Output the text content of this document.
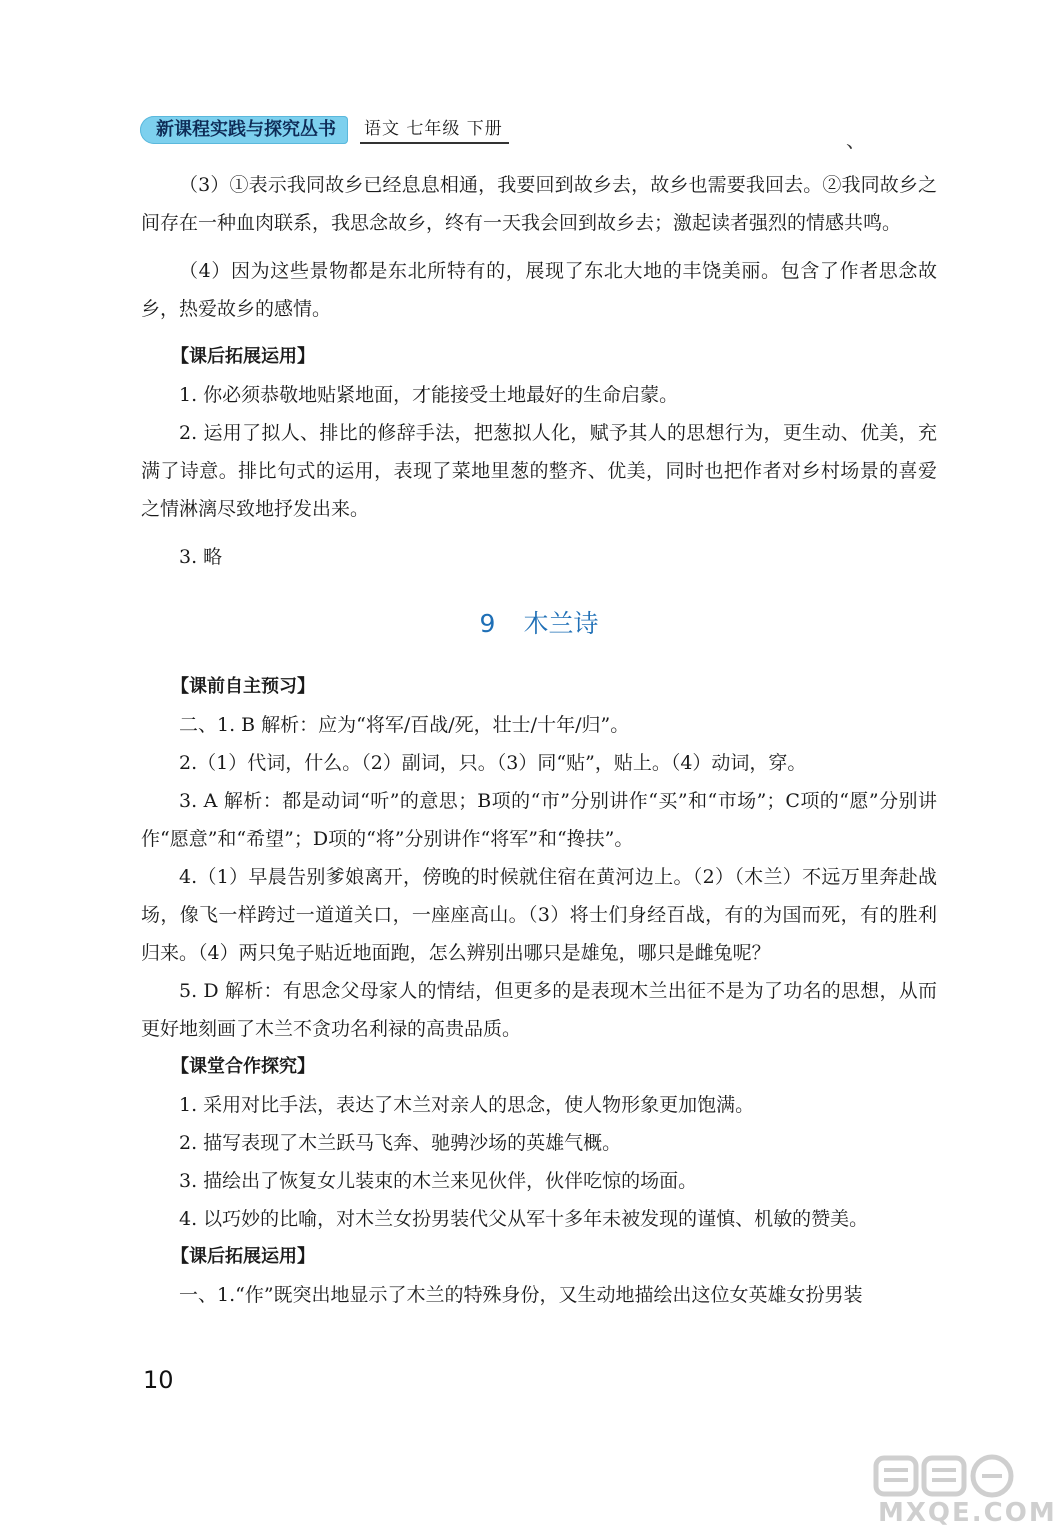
新课程实践与探究丛书	语文 七年级 下册	、

（3）①表示我同故乡已经息息相通，我要回到故乡去，故乡也需要我回去。②我同故乡之间存在一种血肉联系，我思念故乡，终有一天我会回到故乡去；激起读者强烈的情感共鸣。

（4）因为这些景物都是东北所特有的，展现了东北大地的丰饶美丽。包含了作者思念故乡，热爱故乡的感情。

【课后拓展运用】

1. 你必须恭敬地贴紧地面，才能接受土地最好的生命启蒙。

2. 运用了拟人、排比的修辞手法，把葱拟人化，赋予其人的思想行为，更生动、优美，充满了诗意。排比句式的运用，表现了菜地里葱的整齐、优美，同时也把作者对乡村场景的喜爱之情淋漓尽致地抒发出来。

3. 略

9 木兰诗

【课前自主预习】

二、1. B 解析：应为“将军/百战/死，壮士/十年/归”。

2.（1）代词，什么。（2）副词，只。（3）同“贴”，贴上。（4）动词，穿。

3. A 解析：都是动词“听”的意思；B项的“市”分别讲作“买”和“市场”；C项的“愿”分别讲作“愿意”和“希望”；D项的“将”分别讲作“将军”和“搀扶”。

4.（1）早晨告别爹娘离开，傍晚的时候就住宿在黄河边上。（2）（木兰）不远万里奔赴战场，像飞一样跨过一道道关口，一座座高山。（3）将士们身经百战，有的为国而死，有的胜利归来。（4）两只兔子贴近地面跑，怎么辨别出哪只是雄兔，哪只是雌兔呢？

5. D 解析：有思念父母家人的情结，但更多的是表现木兰出征不是为了功名的思想，从而更好地刻画了木兰不贪功名利禄的高贵品质。

【课堂合作探究】

1. 采用对比手法，表达了木兰对亲人的思念，使人物形象更加饱满。

2. 描写表现了木兰跃马飞奔、驰骋沙场的英雄气概。

3. 描绘出了恢复女儿装束的木兰来见伙伴，伙伴吃惊的场面。

4. 以巧妙的比喻，对木兰女扮男装代父从军十多年未被发现的谨慎、机敏的赞美。

【课后拓展运用】

一、1.“作”既突出地显示了木兰的特殊身份，又生动地描绘出这位女英雄女扮男装

10
MXQE.COM
